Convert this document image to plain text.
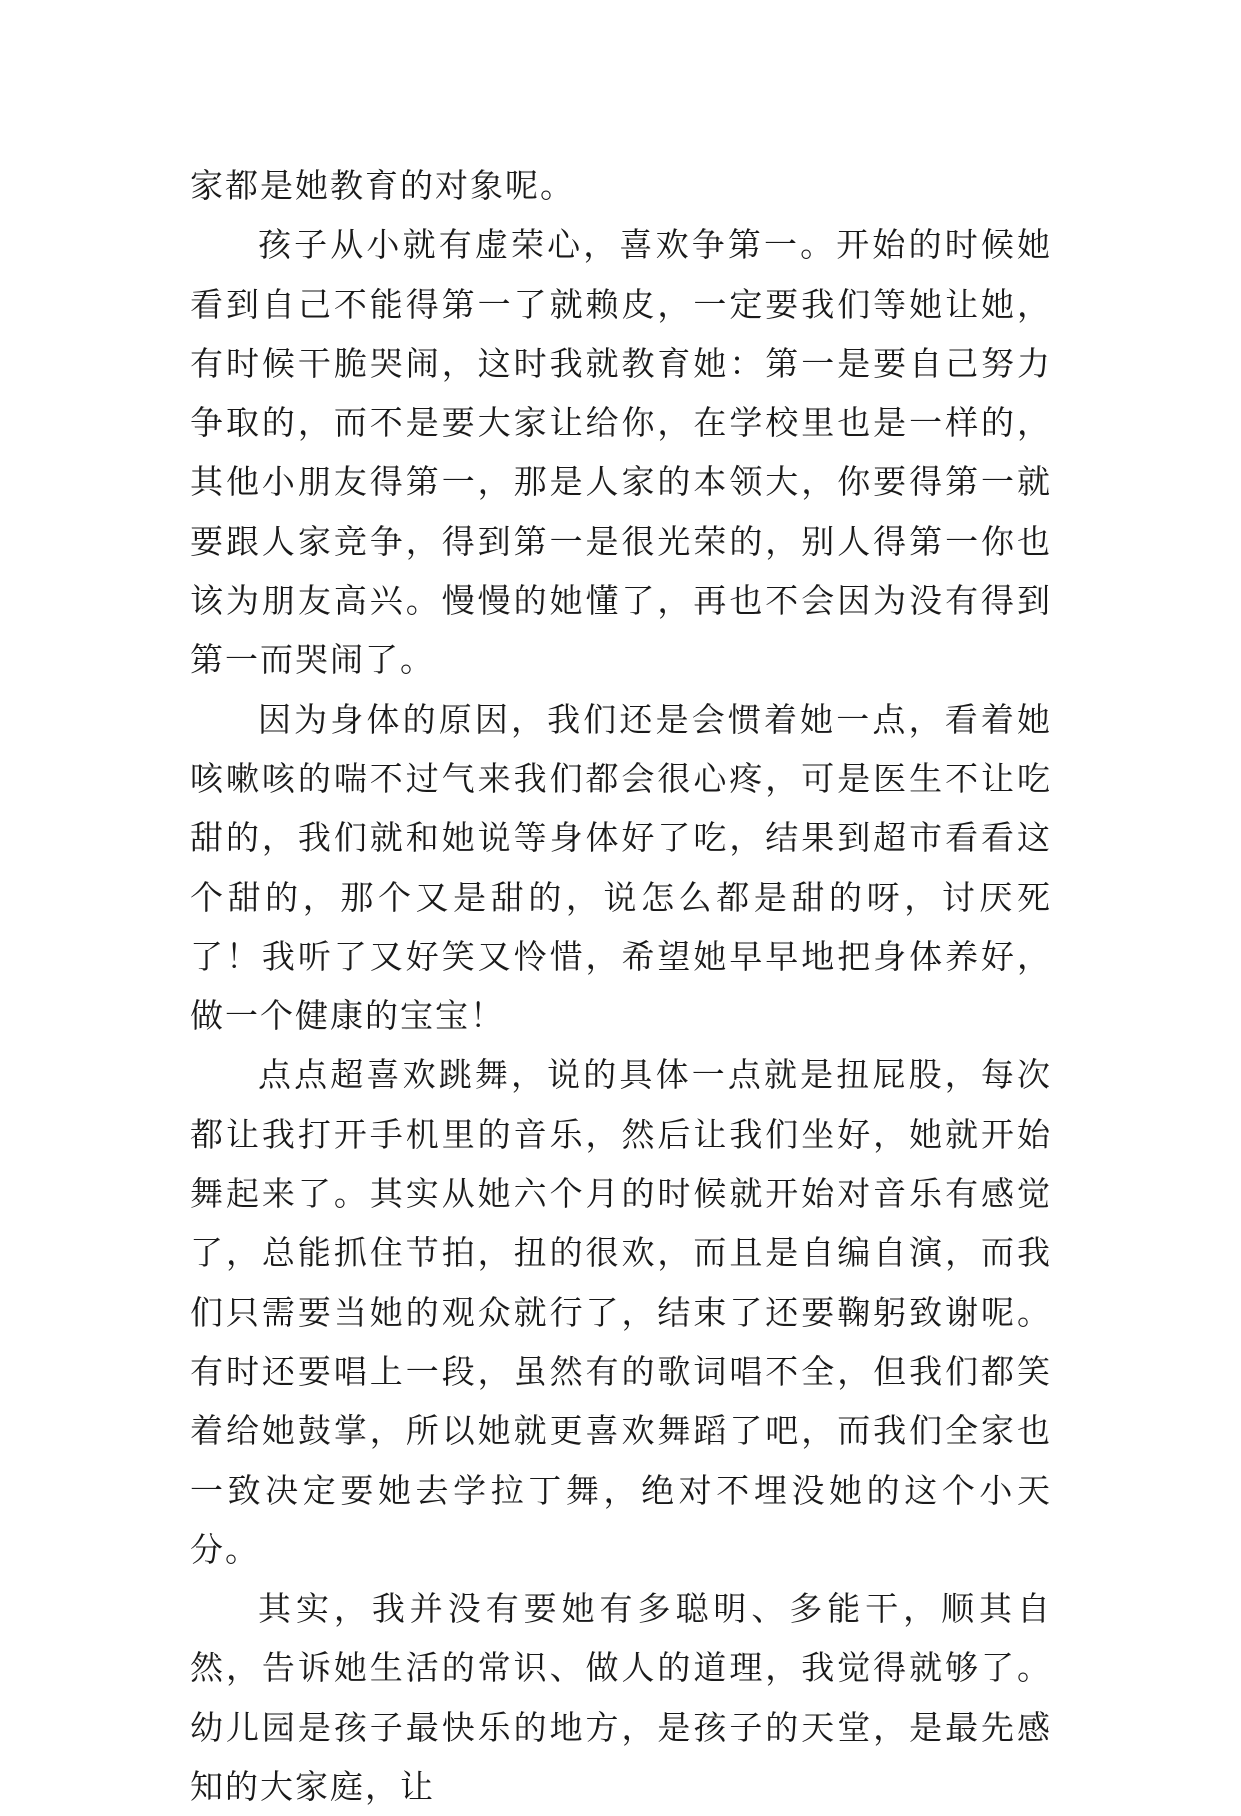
家都是她教育的对象呢。

孩子从小就有虚荣心，喜欢争第一。开始的时候她看到自己不能得第一了就赖皮，一定要我们等她让她，有时候干脆哭闹，这时我就教育她：第一是要自己努力争取的，而不是要大家让给你，在学校里也是一样的，其他小朋友得第一，那是人家的本领大，你要得第一就要跟人家竞争，得到第一是很光荣的，别人得第一你也该为朋友高兴。慢慢的她懂了，再也不会因为没有得到第一而哭闹了。

因为身体的原因，我们还是会惯着她一点，看着她咳嗽咳的喘不过气来我们都会很心疼，可是医生不让吃甜的，我们就和她说等身体好了吃，结果到超市看看这个甜的，那个又是甜的，说怎么都是甜的呀，讨厌死了！我听了又好笑又怜惜，希望她早早地把身体养好，做一个健康的宝宝！

点点超喜欢跳舞，说的具体一点就是扭屁股，每次都让我打开手机里的音乐，然后让我们坐好，她就开始舞起来了。其实从她六个月的时候就开始对音乐有感觉了，总能抓住节拍，扭的很欢，而且是自编自演，而我们只需要当她的观众就行了，结束了还要鞠躬致谢呢。有时还要唱上一段，虽然有的歌词唱不全，但我们都笑着给她鼓掌，所以她就更喜欢舞蹈了吧，而我们全家也一致决定要她去学拉丁舞，绝对不埋没她的这个小天分。

其实，我并没有要她有多聪明、多能干，顺其自然，告诉她生活的常识、做人的道理，我觉得就够了。幼儿园是孩子最快乐的地方，是孩子的天堂，是最先感知的大家庭，让
